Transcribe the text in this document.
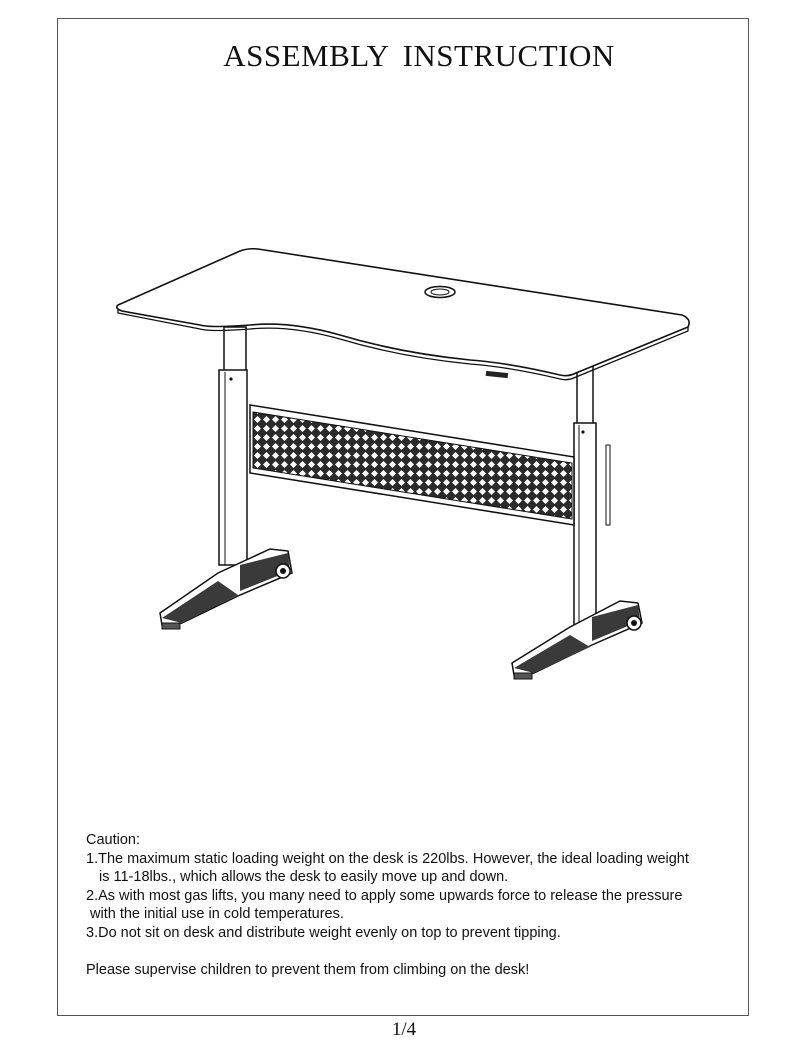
ASSEMBLY INSTRUCTION
Caution:
1.The maximum static loading weight on the desk is 220lbs. However, the ideal loading weight
is 11-18lbs., which allows the desk to easily move up and down.
2.As with most gas lifts, you many need to apply some upwards force to release the pressure
with the initial use in cold temperatures.
3.Do not sit on desk and distribute weight evenly on top to prevent tipping.
Please supervise children to prevent them from climbing on the desk!
1/4
